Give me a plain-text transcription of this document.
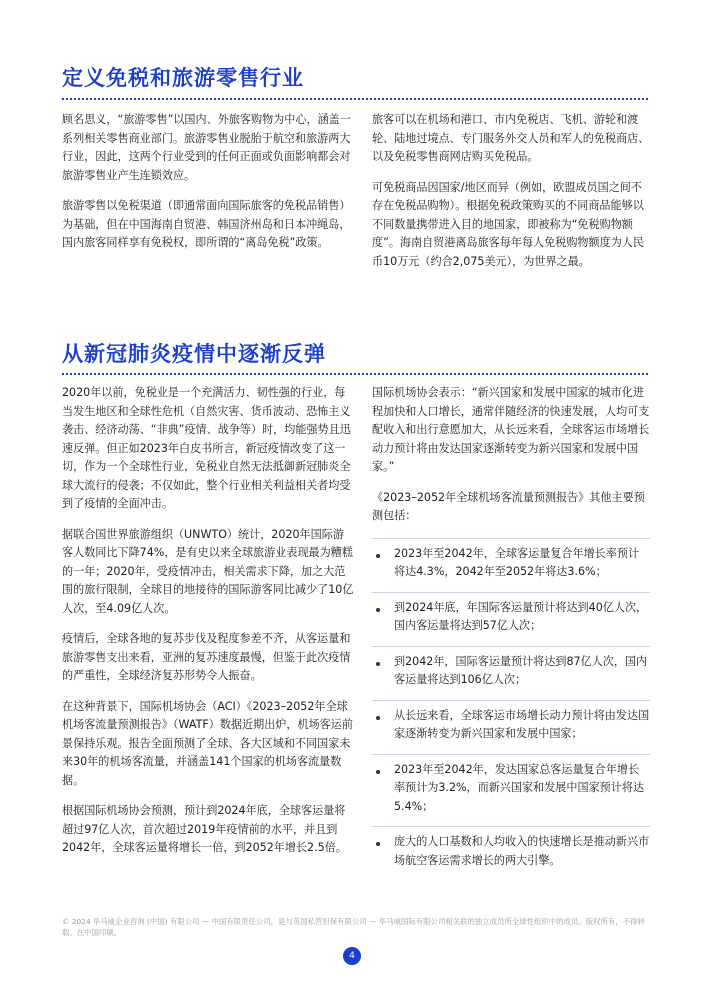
定义免税和旅游零售行业

顾名思义，“旅游零售”以国内、外旅客购物为中心，涵盖一系列相关零售商业部门。旅游零售业脱胎于航空和旅游两大行业，因此，这两个行业受到的任何正面或负面影响都会对旅游零售业产生连锁效应。

旅游零售以免税渠道（即通常面向国际旅客的免税品销售）为基础，但在中国海南自贸港、韩国济州岛和日本冲绳岛，国内旅客同样享有免税权，即所谓的“离岛免税”政策。

旅客可以在机场和港口、市内免税店、飞机、游轮和渡轮、陆地过境点、专门服务外交人员和军人的免税商店、以及免税零售商网店购买免税品。

可免税商品因国家/地区而异（例如，欧盟成员国之间不存在免税品购物）。根据免税政策购买的不同商品能够以不同数量携带进入目的地国家，即被称为“免税购物额度”。海南自贸港离岛旅客每年每人免税购物额度为人民币10万元（约合2,075美元），为世界之最。

从新冠肺炎疫情中逐渐反弹

2020年以前，免税业是一个充满活力、韧性强的行业，每当发生地区和全球性危机（自然灾害、货币波动、恐怖主义袭击、经济动荡、“非典”疫情、战争等）时，均能强势且迅速反弹。但正如2023年白皮书所言，新冠疫情改变了这一切，作为一个全球性行业，免税业自然无法抵御新冠肺炎全球大流行的侵袭；不仅如此，整个行业相关利益相关者均受到了疫情的全面冲击。

据联合国世界旅游组织（UNWTO）统计，2020年国际游客人数同比下降74%，是有史以来全球旅游业表现最为糟糕的一年；2020年，受疫情冲击，相关需求下降，加之大范围的旅行限制，全球目的地接待的国际游客同比减少了10亿人次，至4.09亿人次。

疫情后，全球各地的复苏步伐及程度参差不齐，从客运量和旅游零售支出来看，亚洲的复苏速度最慢，但鉴于此次疫情的严重性，全球经济复苏形势令人振奋。

在这种背景下，国际机场协会（ACI）《2023–2052年全球机场客流量预测报告》（WATF）数据近期出炉，机场客运前景保持乐观。报告全面预测了全球、各大区域和不同国家未来30年的机场客流量，并涵盖141个国家的机场客流量数据。

根据国际机场协会预测，预计到2024年底，全球客运量将超过97亿人次，首次超过2019年疫情前的水平，并且到2042年，全球客运量将增长一倍，到2052年增长2.5倍。

国际机场协会表示：“新兴国家和发展中国家的城市化进程加快和人口增长，通常伴随经济的快速发展，人均可支配收入和出行意愿加大，从长远来看，全球客运市场增长动力预计将由发达国家逐渐转变为新兴国家和发展中国家。”

《2023–2052年全球机场客流量预测报告》其他主要预测包括：

2023年至2042年，全球客运量复合年增长率预计将达4.3%，2042年至2052年将达3.6%；
到2024年底，年国际客运量预计将达到40亿人次，国内客运量将达到57亿人次；
到2042年，国际客运量预计将达到87亿人次，国内客运量将达到106亿人次；
从长远来看，全球客运市场增长动力预计将由发达国家逐渐转变为新兴国家和发展中国家；
2023年至2042年，发达国家总客运量复合年增长率预计为3.2%，而新兴国家和发展中国家预计将达5.4%；
庞大的人口基数和人均收入的快速增长是推动新兴市场航空客运需求增长的两大引擎。
© 2024 毕马威企业咨询 (中国) 有限公司 — 中国有限责任公司，是与英国私营担保有限公司 — 毕马威国际有限公司相关联的独立成员所全球性组织中的成员。版权所有，不得转载。在中国印刷。
4
